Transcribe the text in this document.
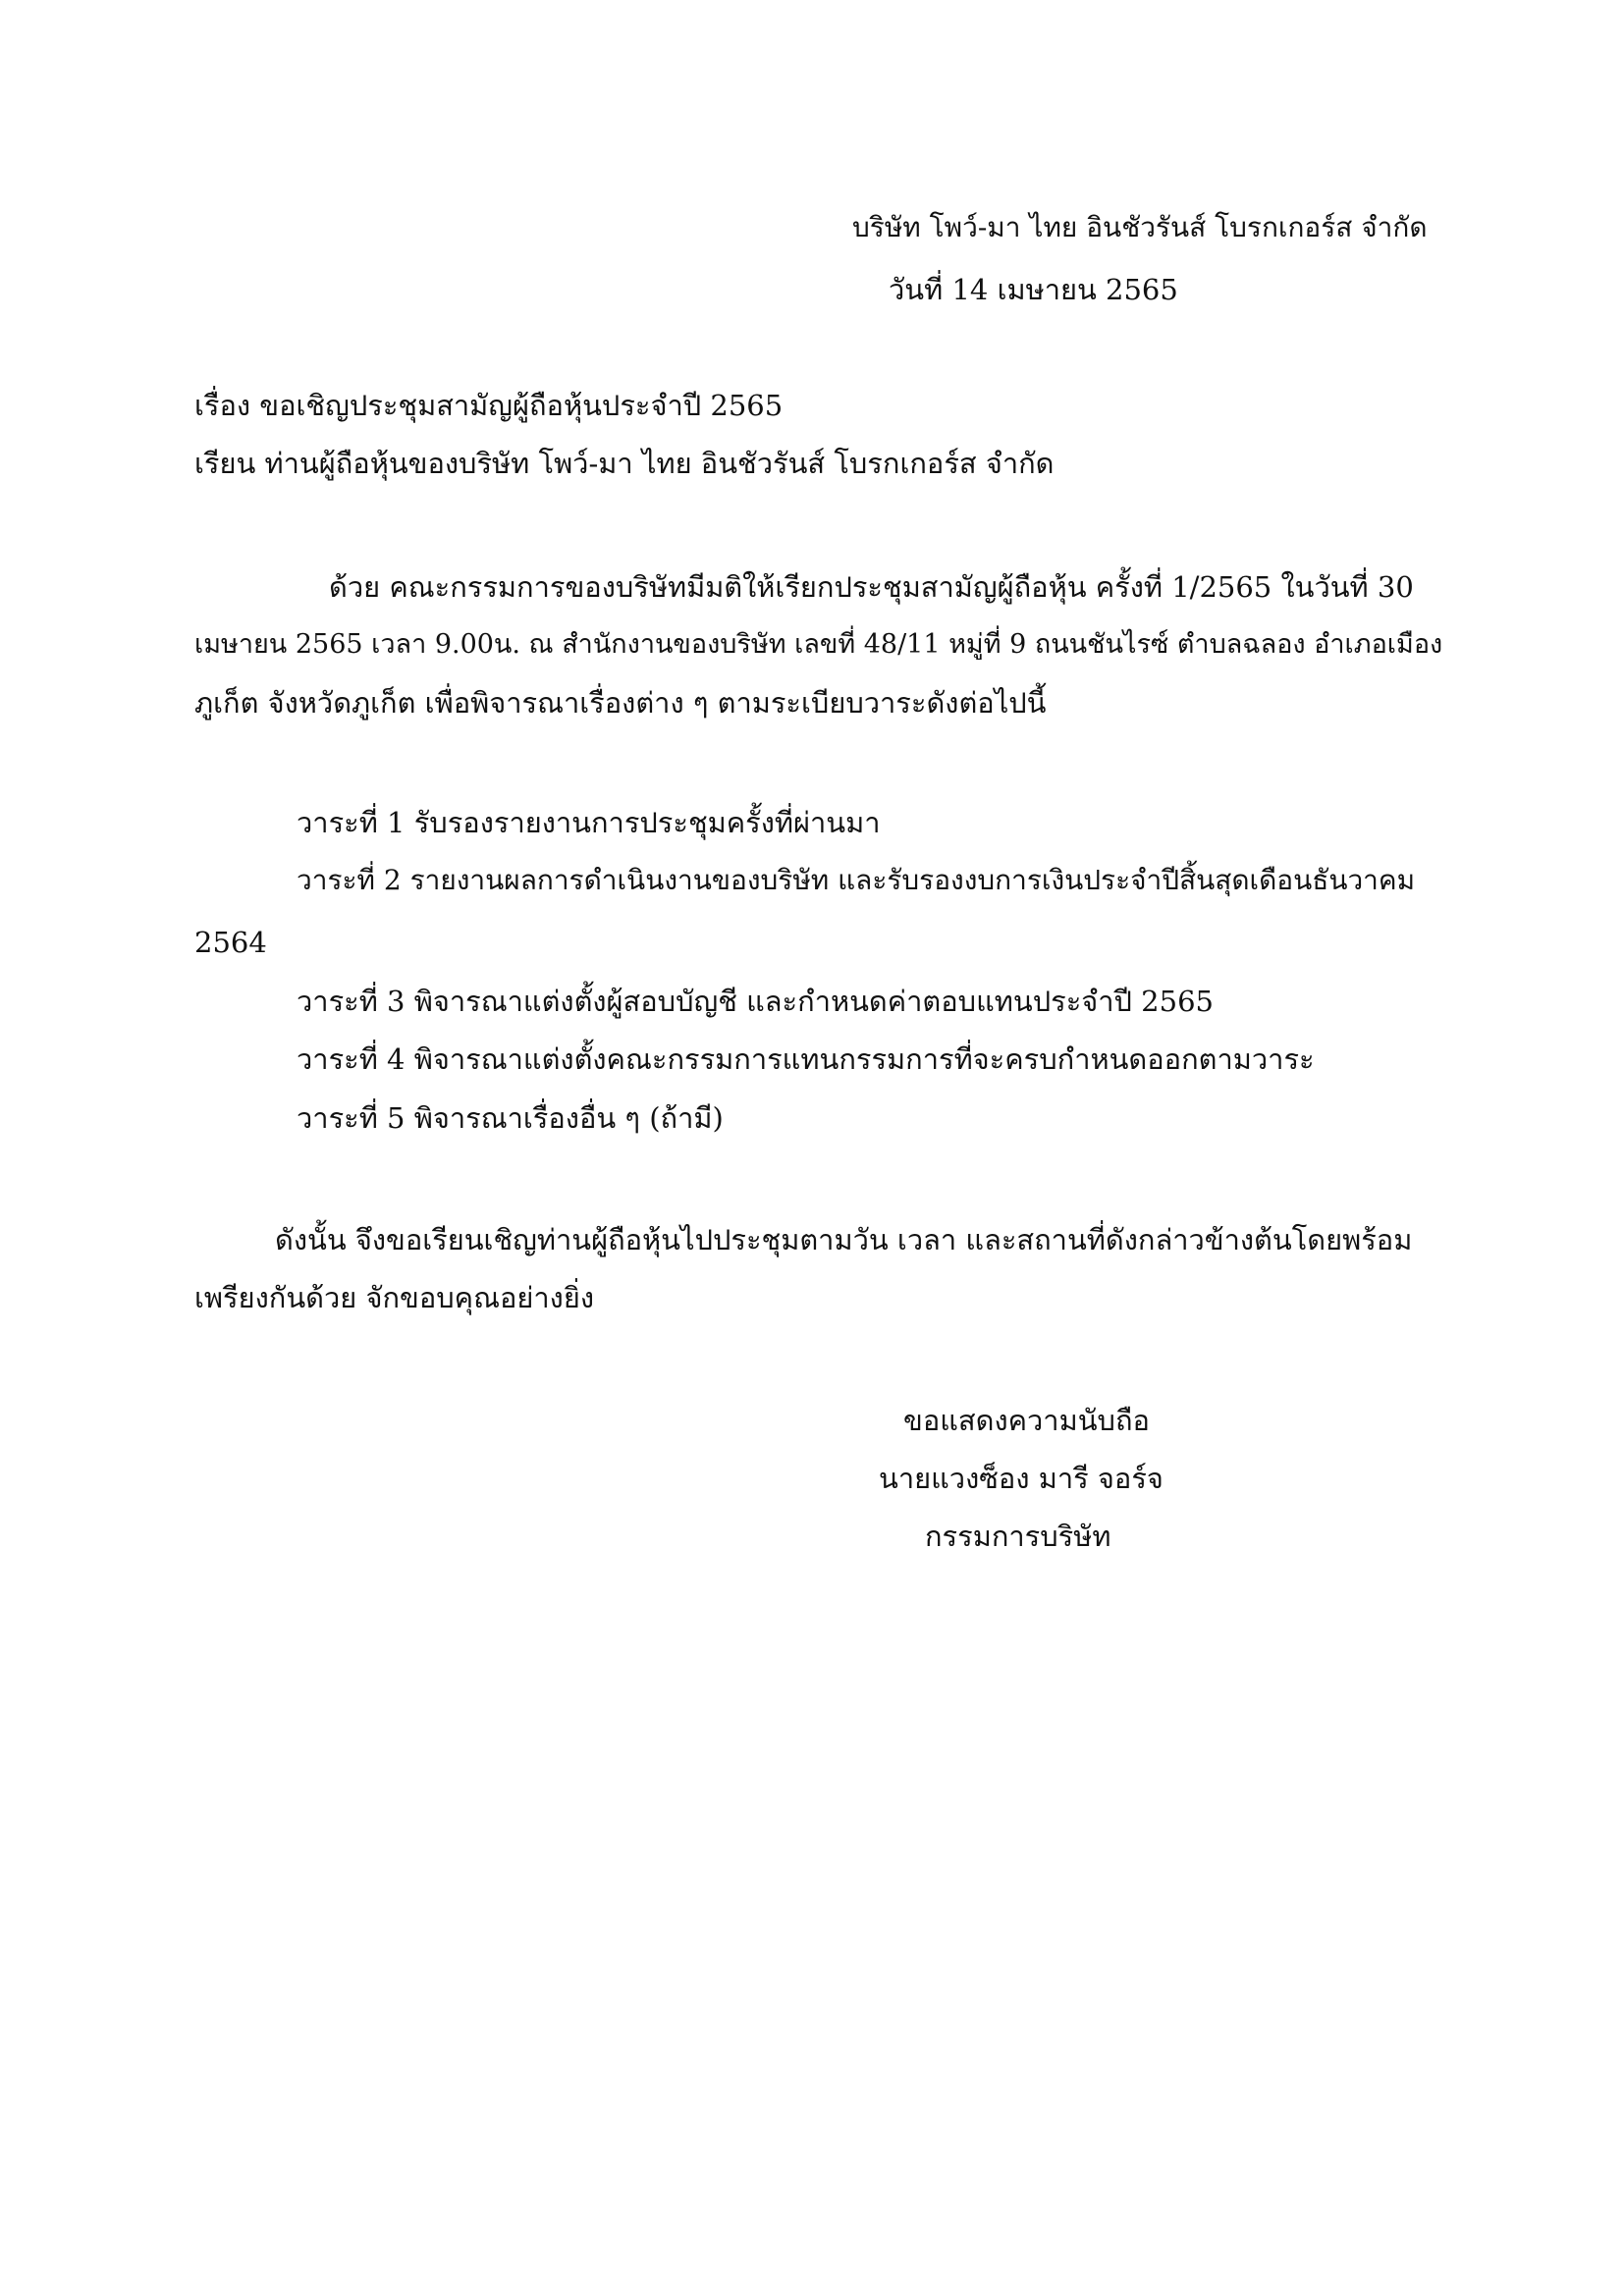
บริษัท โพว์-มา ไทย อินชัวรันส์ โบรกเกอร์ส จำกัด
วันที่ 14 เมษายน 2565
เรื่อง ขอเชิญประชุมสามัญผู้ถือหุ้นประจำปี 2565
เรียน ท่านผู้ถือหุ้นของบริษัท โพว์-มา ไทย อินชัวรันส์ โบรกเกอร์ส จำกัด
ด้วย คณะกรรมการของบริษัทมีมติให้เรียกประชุมสามัญผู้ถือหุ้น ครั้งที่ 1/2565 ในวันที่ 30
เมษายน 2565 เวลา 9.00น. ณ สำนักงานของบริษัท เลขที่ 48/11 หมู่ที่ 9 ถนนชันไรซ์ ตำบลฉลอง อำเภอเมือง
ภูเก็ต จังหวัดภูเก็ต เพื่อพิจารณาเรื่องต่าง ๆ ตามระเบียบวาระดังต่อไปนี้
วาระที่ 1 รับรองรายงานการประชุมครั้งที่ผ่านมา
วาระที่ 2 รายงานผลการดำเนินงานของบริษัท และรับรองงบการเงินประจำปีสิ้นสุดเดือนธันวาคม
2564
วาระที่ 3 พิจารณาแต่งตั้งผู้สอบบัญชี และกำหนดค่าตอบแทนประจำปี 2565
วาระที่ 4 พิจารณาแต่งตั้งคณะกรรมการแทนกรรมการที่จะครบกำหนดออกตามวาระ
วาระที่ 5 พิจารณาเรื่องอื่น ๆ (ถ้ามี)
ดังนั้น จึงขอเรียนเชิญท่านผู้ถือหุ้นไปประชุมตามวัน เวลา และสถานที่ดังกล่าวข้างต้นโดยพร้อม
เพรียงกันด้วย จักขอบคุณอย่างยิ่ง
ขอแสดงความนับถือ
นายแวงซ็อง มารี จอร์จ
กรรมการบริษัท
